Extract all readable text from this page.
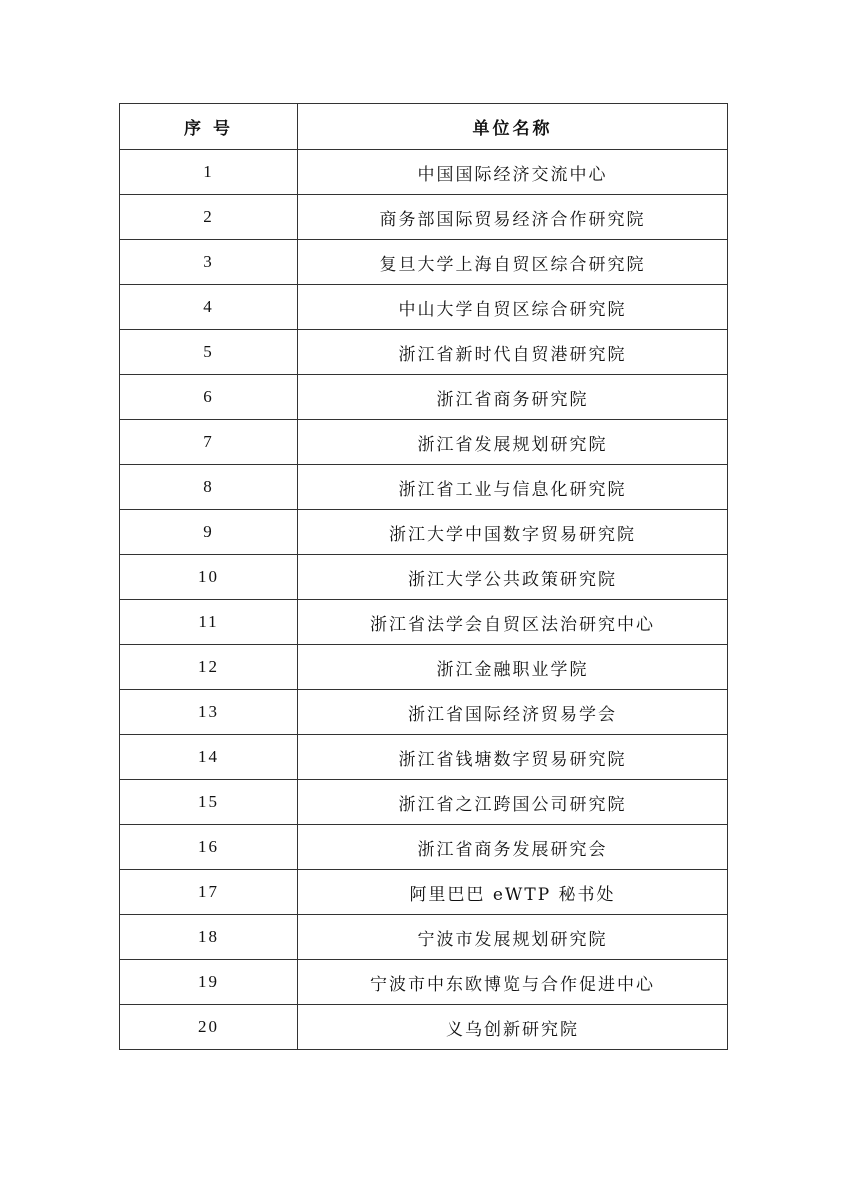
序 号	单位名称
1	中国国际经济交流中心
2	商务部国际贸易经济合作研究院
3	复旦大学上海自贸区综合研究院
4	中山大学自贸区综合研究院
5	浙江省新时代自贸港研究院
6	浙江省商务研究院
7	浙江省发展规划研究院
8	浙江省工业与信息化研究院
9	浙江大学中国数字贸易研究院
10	浙江大学公共政策研究院
11	浙江省法学会自贸区法治研究中心
12	浙江金融职业学院
13	浙江省国际经济贸易学会
14	浙江省钱塘数字贸易研究院
15	浙江省之江跨国公司研究院
16	浙江省商务发展研究会
17	阿里巴巴 eWTP 秘书处
18	宁波市发展规划研究院
19	宁波市中东欧博览与合作促进中心
20	义乌创新研究院
